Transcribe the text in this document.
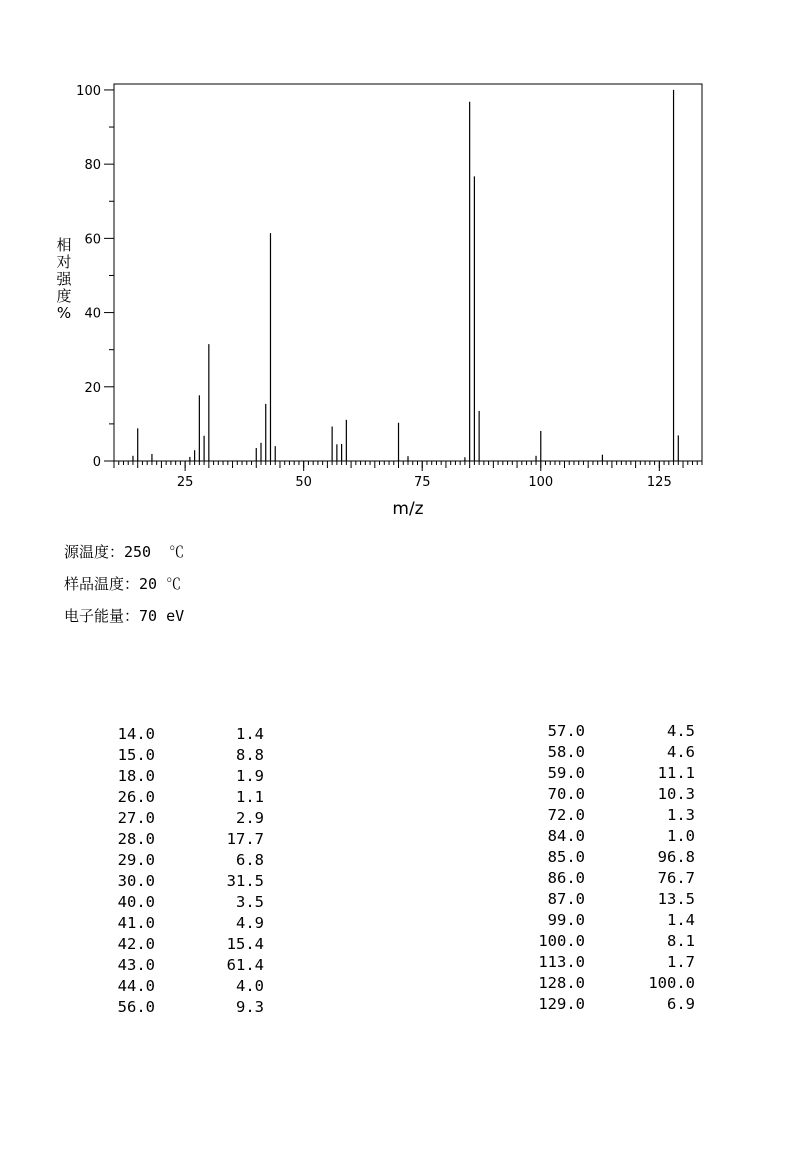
25	50	75	100	125
0
20
40
60
80
100
m/z
相对强度%
源温度：250  ℃
样品温度：20 ℃
电子能量：70 eV
14.0	1.4
15.0	8.8
18.0	1.9
26.0	1.1
27.0	2.9
28.0	17.7
29.0	6.8
30.0	31.5
40.0	3.5
41.0	4.9
42.0	15.4
43.0	61.4
44.0	4.0
56.0	9.3
57.0	4.5
58.0	4.6
59.0	11.1
70.0	10.3
72.0	1.3
84.0	1.0
85.0	96.8
86.0	76.7
87.0	13.5
99.0	1.4
100.0	8.1
113.0	1.7
128.0	100.0
129.0	6.9
